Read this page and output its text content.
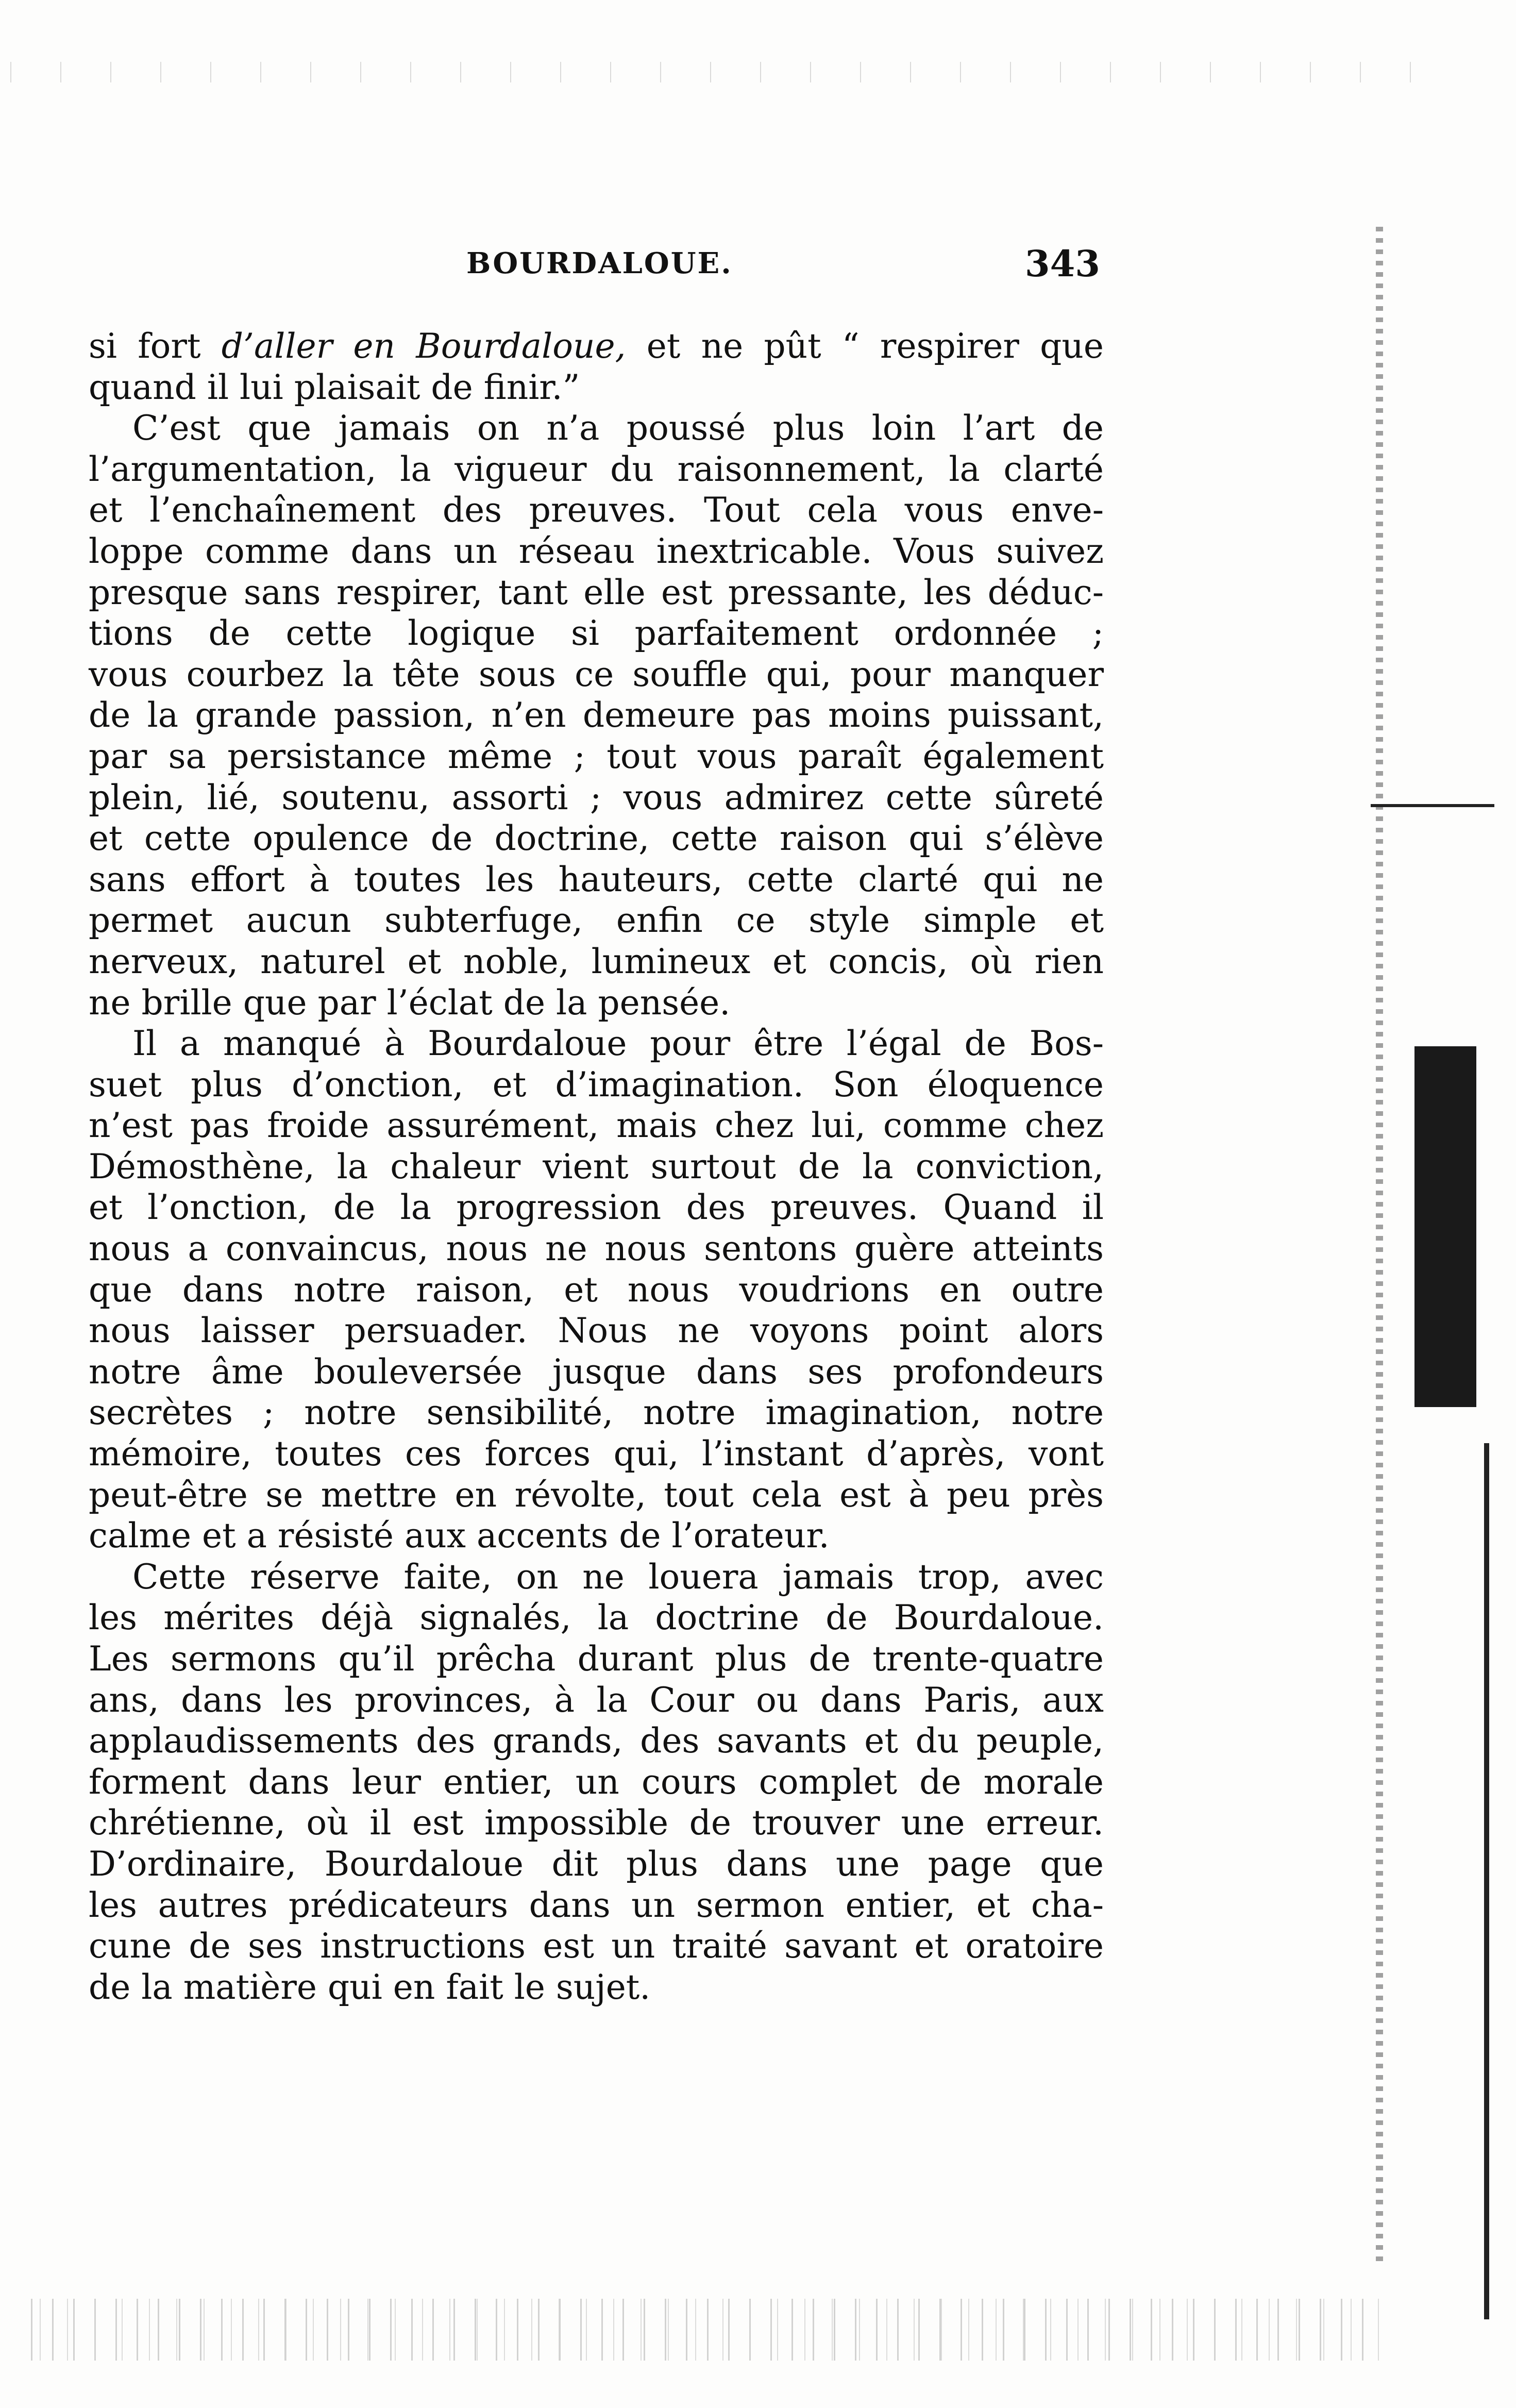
BOURDALOUE.	343
si fort d’aller en Bourdaloue, et ne pût “ respirer que
quand il lui plaisait de finir.”
C’est que jamais on n’a poussé plus loin l’art de
l’argumentation, la vigueur du raisonnement, la clarté
et l’enchaînement des preuves. Tout cela vous enve-
loppe comme dans un réseau inextricable. Vous suivez
presque sans respirer, tant elle est pressante, les déduc-
tions de cette logique si parfaitement ordonnée ;
vous courbez la tête sous ce souffle qui, pour manquer
de la grande passion, n’en demeure pas moins puissant,
par sa persistance même ; tout vous paraît également
plein, lié, soutenu, assorti ; vous admirez cette sûreté
et cette opulence de doctrine, cette raison qui s’élève
sans effort à toutes les hauteurs, cette clarté qui ne
permet aucun subterfuge, enfin ce style simple et
nerveux, naturel et noble, lumineux et concis, où rien
ne brille que par l’éclat de la pensée.
Il a manqué à Bourdaloue pour être l’égal de Bos-
suet plus d’onction, et d’imagination. Son éloquence
n’est pas froide assurément, mais chez lui, comme chez
Démosthène, la chaleur vient surtout de la conviction,
et l’onction, de la progression des preuves. Quand il
nous a convaincus, nous ne nous sentons guère atteints
que dans notre raison, et nous voudrions en outre
nous laisser persuader. Nous ne voyons point alors
notre âme bouleversée jusque dans ses profondeurs
secrètes ; notre sensibilité, notre imagination, notre
mémoire, toutes ces forces qui, l’instant d’après, vont
peut-être se mettre en révolte, tout cela est à peu près
calme et a résisté aux accents de l’orateur.
Cette réserve faite, on ne louera jamais trop, avec
les mérites déjà signalés, la doctrine de Bourdaloue.
Les sermons qu’il prêcha durant plus de trente-quatre
ans, dans les provinces, à la Cour ou dans Paris, aux
applaudissements des grands, des savants et du peuple,
forment dans leur entier, un cours complet de morale
chrétienne, où il est impossible de trouver une erreur.
D’ordinaire, Bourdaloue dit plus dans une page que
les autres prédicateurs dans un sermon entier, et cha-
cune de ses instructions est un traité savant et oratoire
de la matière qui en fait le sujet.
